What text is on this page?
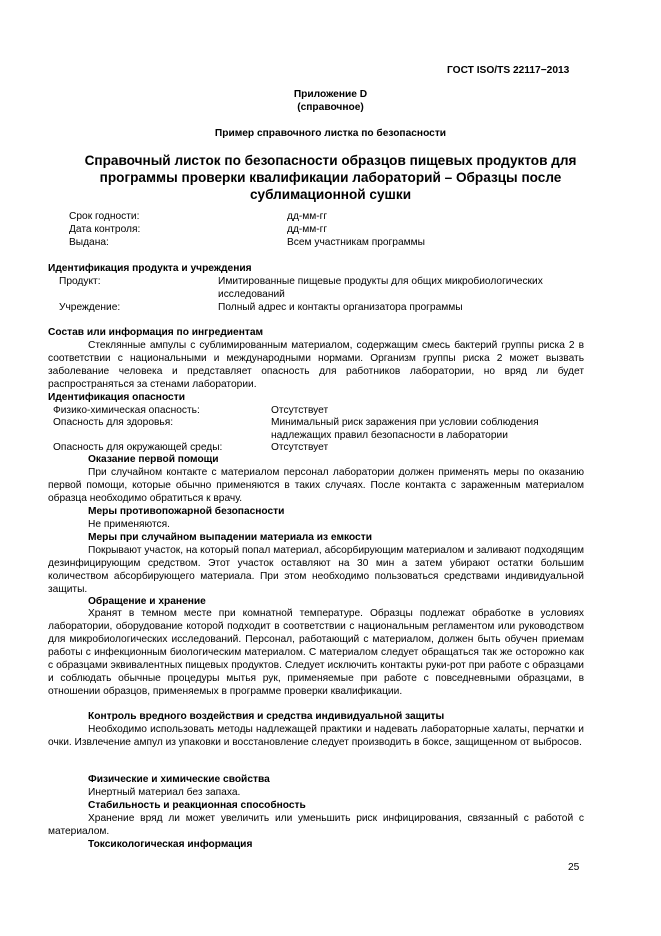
ГОСТ ISO/TS 22117−2013
Приложение D
(справочное)
Пример справочного листка по безопасности
Справочный листок по безопасности образцов пищевых продуктов для
программы проверки квалификации лабораторий – Образцы после
сублимационной сушки
Срок годности:	дд-мм-гг
Дата контроля:	дд-мм-гг
Выдана:	Всем участникам программы
Идентификация продукта и учреждения
Продукт:	Имитированные пищевые продукты для общих микробиологических
исследований
Учреждение:	Полный адрес и контакты организатора программы
Состав или информация по ингредиентам
Стеклянные ампулы с сублимированным материалом, содержащим смесь бактерий группы риска 2 в соответствии с национальными и международными нормами. Организм группы риска 2 может вызвать заболевание человека и представляет опасность для работников лаборатории, но вряд ли будет распространяться за стенами лаборатории.
Идентификация опасности
Физико-химическая опасность:	Отсутствует
Опасность для здоровья:	Минимальный риск заражения при условии соблюдения
надлежащих правил безопасности в лаборатории
Опасность для окружающей среды:	Отсутствует
Оказание первой помощи
При случайном контакте с материалом персонал лаборатории должен применять меры по оказанию первой помощи, которые обычно применяются в таких случаях. После контакта с зараженным материалом образца необходимо обратиться к врачу.
Меры противопожарной безопасности
Не применяются.
Меры при случайном выпадении материала из емкости
Покрывают участок, на который попал материал, абсорбирующим материалом и заливают подходящим дезинфицирующим средством. Этот участок оставляют на 30 мин а затем убирают остатки большим количеством абсорбирующего материала. При этом необходимо пользоваться средствами индивидуальной защиты.
Обращение и хранение
Хранят в темном месте при комнатной температуре. Образцы подлежат обработке в условиях лаборатории, оборудование которой подходит в соответствии с национальным регламентом или руководством для микробиологических исследований. Персонал, работающий с материалом, должен быть обучен приемам работы с инфекционным биологическим материалом. С материалом следует обращаться так же осторожно как с образцами эквивалентных пищевых продуктов. Следует исключить контакты руки-рот при работе с образцами и соблюдать обычные процедуры мытья рук, применяемые при работе с повседневными образцами, в отношении образцов, применяемых в программе проверки квалификации.
Контроль вредного воздействия и средства индивидуальной защиты
Необходимо использовать методы надлежащей практики и надевать лабораторные халаты, перчатки и очки. Извлечение ампул из упаковки и восстановление следует производить в боксе, защищенном от выбросов.
Физические и химические свойства
Инертный материал без запаха.
Стабильность и реакционная способность
Хранение вряд ли может увеличить или уменьшить риск инфицирования, связанный с работой с материалом.
Токсикологическая информация
25
